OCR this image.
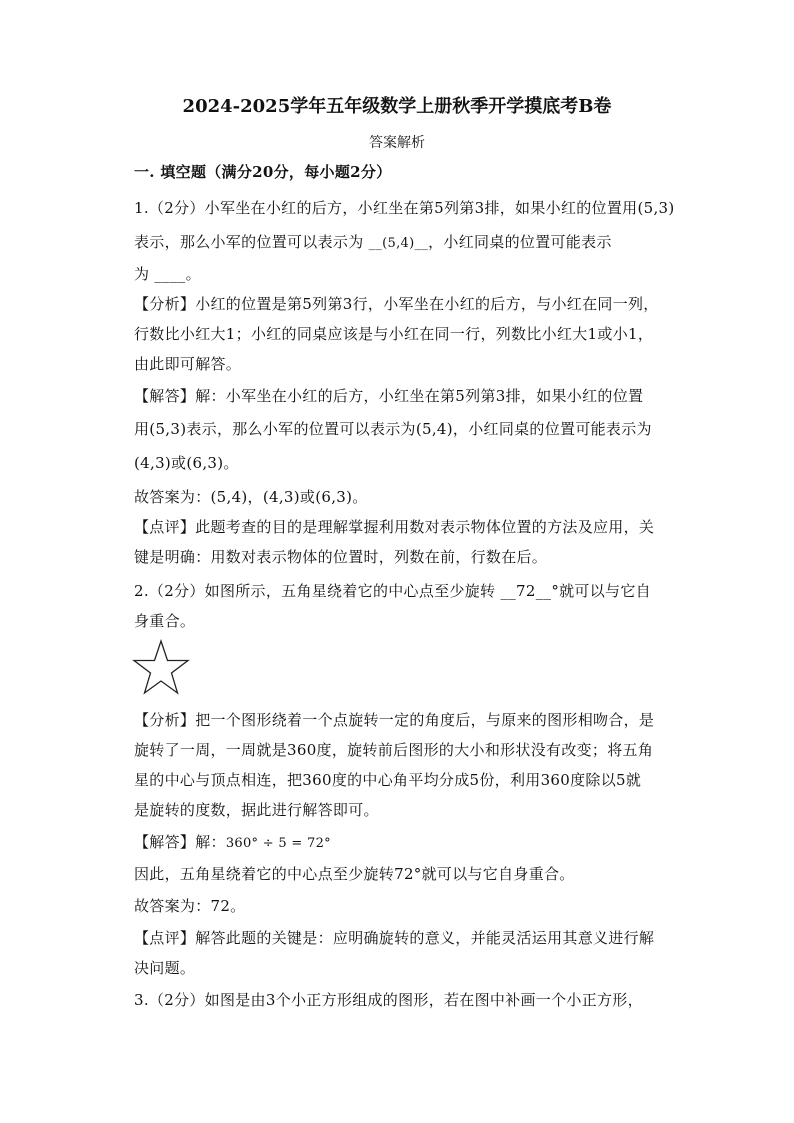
2024-2025学年五年级数学上册秋季开学摸底考B卷
答案解析
一. 填空题（满分20分，每小题2分）
1.（2分）小军坐在小红的后方，小红坐在第5列第3排，如果小红的位置用(5,3)
表示，那么小军的位置可以表示为 __(5,4)__，小红同桌的位置可能表示
为 ____。
【分析】小红的位置是第5列第3行，小军坐在小红的后方，与小红在同一列，
行数比小红大1；小红的同桌应该是与小红在同一行，列数比小红大1或小1，
由此即可解答。
【解答】解：小军坐在小红的后方，小红坐在第5列第3排，如果小红的位置
用(5,3)表示，那么小军的位置可以表示为(5,4)，小红同桌的位置可能表示为
(4,3)或(6,3)。
故答案为：(5,4)，(4,3)或(6,3)。
【点评】此题考查的目的是理解掌握利用数对表示物体位置的方法及应用，关
键是明确：用数对表示物体的位置时，列数在前，行数在后。
2.（2分）如图所示，五角星绕着它的中心点至少旋转 __72__°就可以与它自
身重合。
【分析】把一个图形绕着一个点旋转一定的角度后，与原来的图形相吻合，是
旋转了一周，一周就是360度，旋转前后图形的大小和形状没有改变；将五角
星的中心与顶点相连，把360度的中心角平均分成5份，利用360度除以5就
是旋转的度数，据此进行解答即可。
【解答】解：360° ÷ 5 = 72°
因此，五角星绕着它的中心点至少旋转72°就可以与它自身重合。
故答案为：72。
【点评】解答此题的关键是：应明确旋转的意义，并能灵活运用其意义进行解
决问题。
3.（2分）如图是由3个小正方形组成的图形，若在图中补画一个小正方形，
